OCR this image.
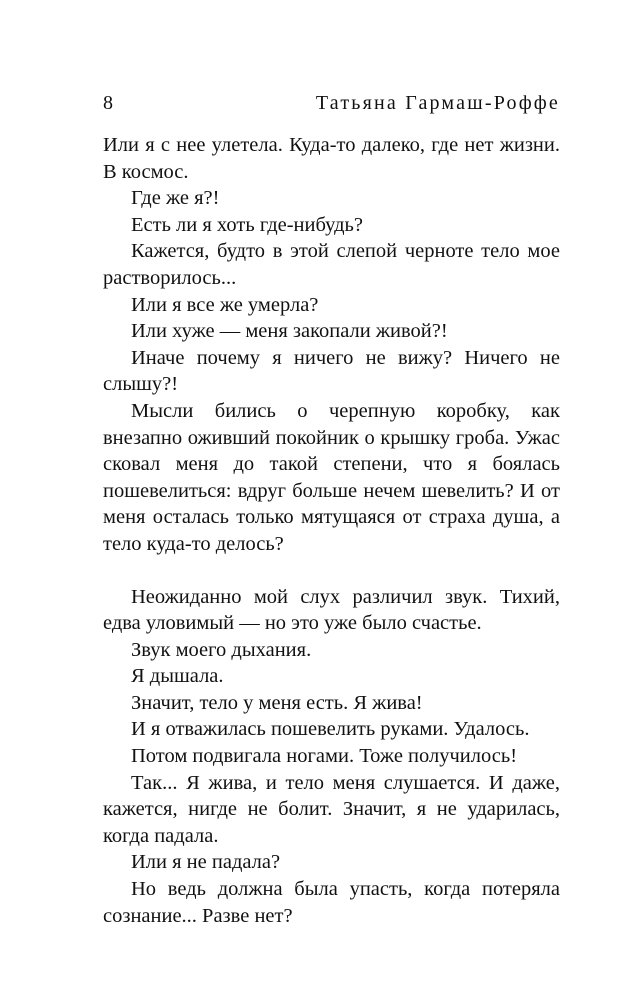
8	Татьяна Гармаш-Роффе

Или я с нее улетела. Куда-то далеко, где нет жизни. В космос.

Где же я?!

Есть ли я хоть где-нибудь?

Кажется, будто в этой слепой черноте тело мое растворилось...

Или я все же умерла?

Или хуже — меня закопали живой?!

Иначе почему я ничего не вижу? Ничего не слышу?!

Мысли бились о черепную коробку, как внезапно оживший покойник о крышку гроба. Ужас сковал меня до такой степени, что я боялась пошевелиться: вдруг больше нечем шевелить? И от меня осталась только мятущаяся от страха душа, а тело куда-то делось?

Неожиданно мой слух различил звук. Тихий, едва уловимый — но это уже было счастье.

Звук моего дыхания.

Я дышала.

Значит, тело у меня есть. Я жива!

И я отважилась пошевелить руками. Удалось.

Потом подвигала ногами. Тоже получилось!

Так... Я жива, и тело меня слушается. И даже, кажется, нигде не болит. Значит, я не ударилась, когда падала.

Или я не падала?

Но ведь должна была упасть, когда потеряла сознание... Разве нет?
